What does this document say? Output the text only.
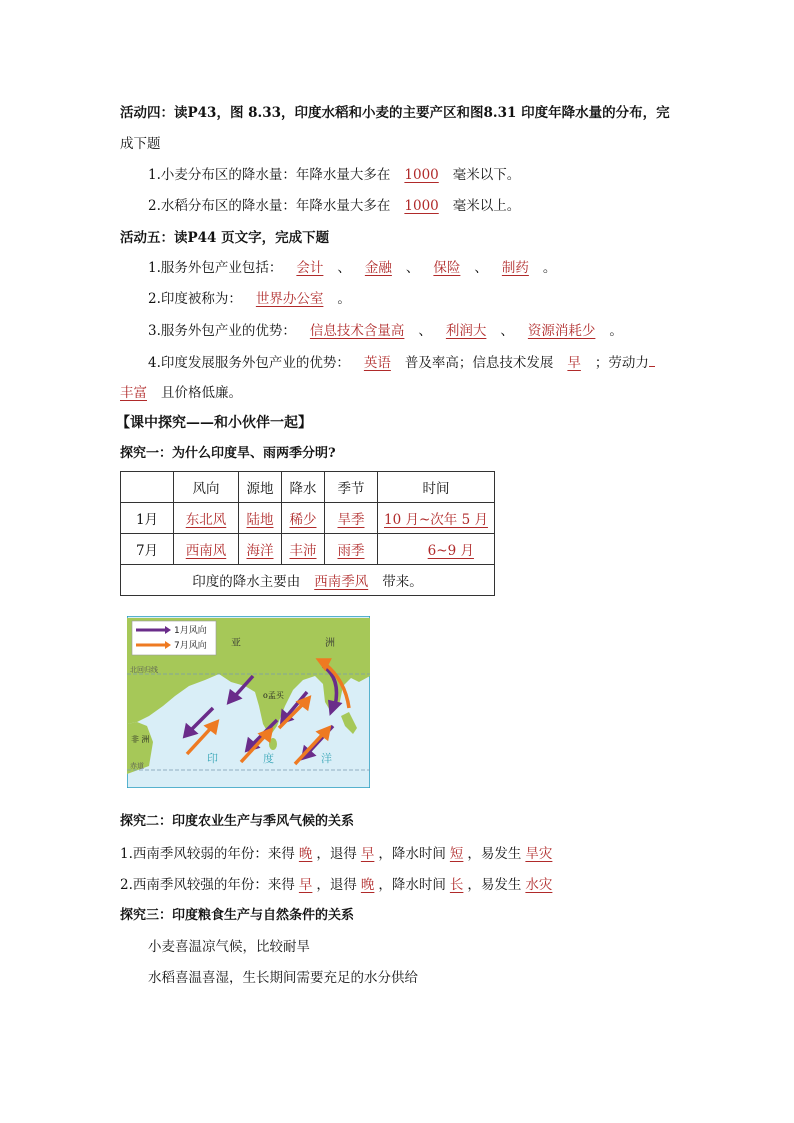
活动四：读P43，图 8.33，印度水稻和小麦的主要产区和图8.31 印度年降水量的分布，完
成下题
1.小麦分布区的降水量：年降水量大多在 1000 毫米以下。
2.水稻分布区的降水量：年降水量大多在 1000 毫米以上。
活动五：读P44 页文字，完成下题
1.服务外包产业包括： 会计 、 金融 、 保险 、 制药 。
2.印度被称为： 世界办公室 。
3.服务外包产业的优势： 信息技术含量高 、 利润大 、 资源消耗少 。
4.印度发展服务外包产业的优势： 英语 普及率高；信息技术发展 早 ；劳动力
丰富 且价格低廉。
【课中探究——和小伙伴一起】
探究一：为什么印度旱、雨两季分明?
	风向	源地	降水	季节	时间
1月	东北风	陆地	稀少	旱季	10 月~次年 5 月
7月	西南风	海洋	丰沛	雨季	6~9 月
印度的降水主要由 西南季风 带来。					
1月风向
7月风向 亚	洲
北回归线
赤道
非 洲
o孟买
印	度	洋
探究二：印度农业生产与季风气候的关系
1.西南季风较弱的年份：来得 晚 ，退得 早 ，降水时间 短 ，易发生 旱灾
2.西南季风较强的年份：来得 早 ，退得 晚 ，降水时间 长 ，易发生 水灾
探究三：印度粮食生产与自然条件的关系
小麦喜温凉气候，比较耐旱
水稻喜温喜湿，生长期间需要充足的水分供给
